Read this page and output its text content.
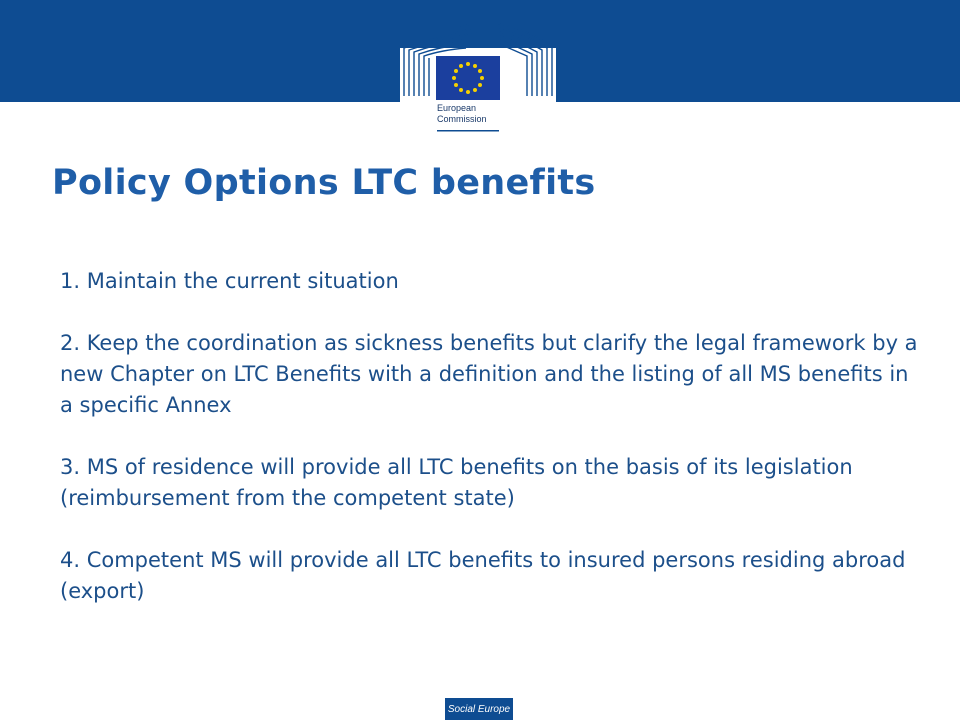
European
Commission
Policy Options LTC benefits
1. Maintain the current situation
2. Keep the coordination as sickness benefits but clarify the legal framework by a new Chapter on LTC Benefits with a definition and the listing of all MS benefits in a specific Annex
3. MS of residence will provide all LTC benefits on the basis of its legislation (reimbursement from the competent state)
4. Competent MS will provide all LTC benefits to insured persons residing abroad (export)
Social Europe
